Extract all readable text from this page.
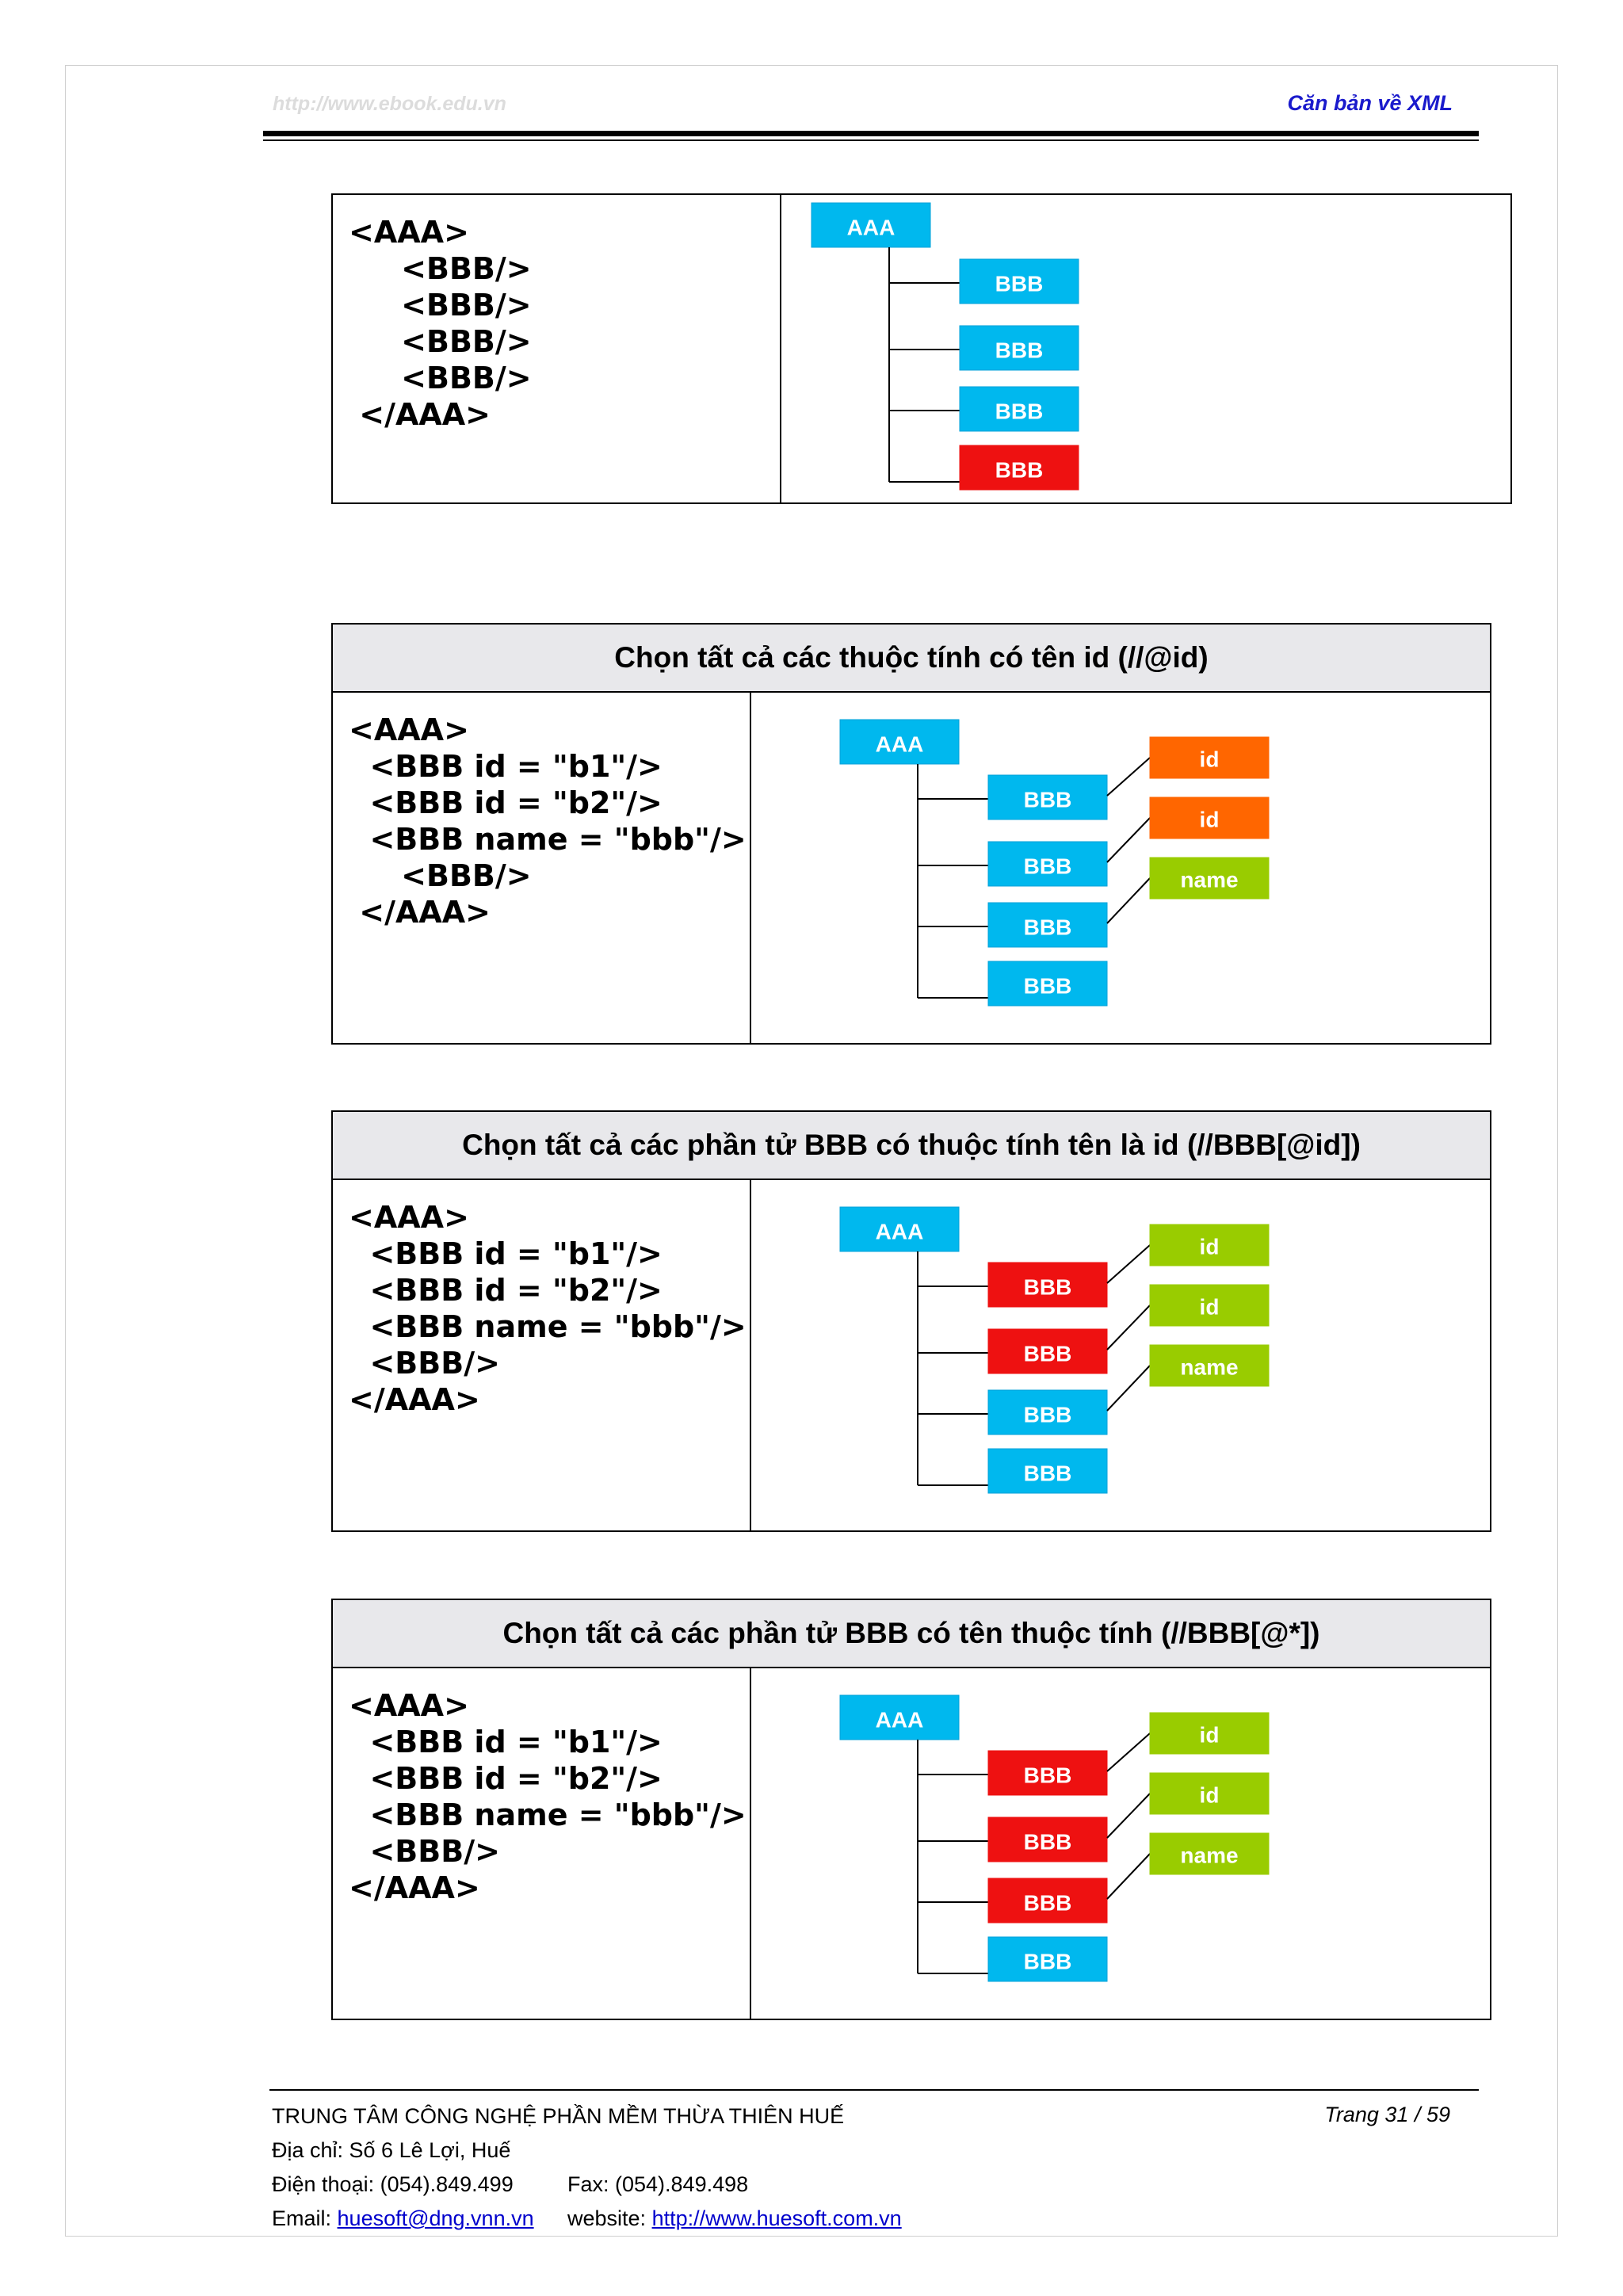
http://www.ebook.edu.vn	Căn bản về XML
<AAA>
<BBB/>
<BBB/>
<BBB/>
<BBB/>
</AAA>
AAA
BBB
BBB
BBB
BBB
Chọn tất cả các thuộc tính có tên id (//@id)
<AAA>
<BBB id = "b1"/>
<BBB id = "b2"/>
<BBB name = "bbb"/>
<BBB/>
</AAA>
AAA
BBB
BBB
BBB
BBB
id
id
name
Chọn tất cả các phần tử BBB có thuộc tính tên là id (//BBB[@id])
<AAA>
<BBB id = "b1"/>
<BBB id = "b2"/>
<BBB name = "bbb"/>
<BBB/>
</AAA>
AAA
BBB
BBB
BBB
BBB
id
id
name
Chọn tất cả các phần tử BBB có tên thuộc tính (//BBB[@*])
<AAA>
<BBB id = "b1"/>
<BBB id = "b2"/>
<BBB name = "bbb"/>
<BBB/>
</AAA>
AAA
BBB
BBB
BBB
BBB
id
id
name
TRUNG TÂM CÔNG NGHỆ PHẦN MỀM THỪA THIÊN HUẾ	Trang 31 / 59
Địa chỉ: Số 6 Lê Lợi, Huế
Điện thoại: (054).849.499	Fax: (054).849.498
Email: huesoft@dng.vnn.vn website: http://www.huesoft.com.vn
